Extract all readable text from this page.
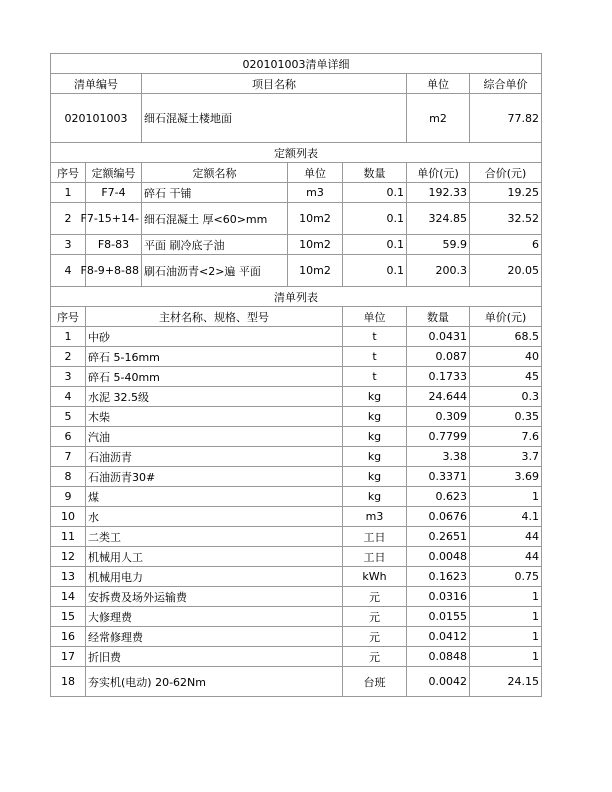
020101003清单详细							
清单编号		项目名称			单位	综合单价	
020101003		细石混凝土楼地面			m2	77.82	
定额列表							
序号	定额编号	定额名称	单位	数量	单价(元)	合价(元)	
1	F7-4	碎石 干铺	m3	0.1	192.33	19.25	
2	-14+F7-15	细石混凝土 厚<60>mm	10m2	0.1	324.85	32.52	
3	F8-83	平面 刷冷底子油	10m2	0.1	59.9	6	
4	8-88+F8-9	刷石油沥青<2>遍 平面	10m2	0.1	200.3	20.05	
清单列表							
序号	主材名称、规格、型号			单位	数量	单价(元)	
1	中砂			t	0.0431	68.5	
2	碎石 5-16mm			t	0.087	40	
3	碎石 5-40mm			t	0.1733	45	
4	水泥 32.5级			kg	24.644	0.3	
5	木柴			kg	0.309	0.35	
6	汽油			kg	0.7799	7.6	
7	石油沥青			kg	3.38	3.7	
8	石油沥青30#			kg	0.3371	3.69	
9	煤			kg	0.623	1	
10	水			m3	0.0676	4.1	
11	二类工			工日	0.2651	44	
12	机械用人工			工日	0.0048	44	
13	机械用电力			kWh	0.1623	0.75	
14	安拆费及场外运输费			元	0.0316	1	
15	大修理费			元	0.0155	1	
16	经常修理费			元	0.0412	1	
17	折旧费			元	0.0848	1	
18	夯实机(电动) 20-62Nm			台班	0.0042	24.15	
